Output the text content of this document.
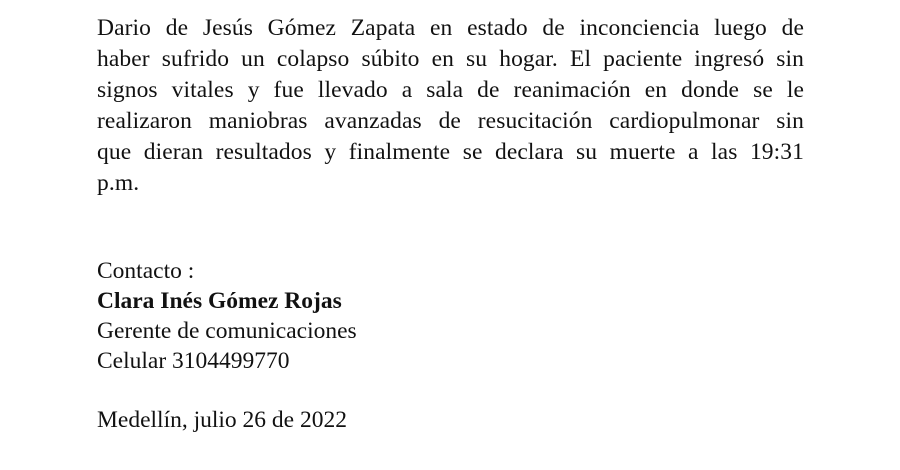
Dario de Jesús Gómez Zapata en estado de inconciencia luego de
haber sufrido un colapso súbito en su hogar. El paciente ingresó sin
signos vitales y fue llevado a sala de reanimación en donde se le
realizaron maniobras avanzadas de resucitación cardiopulmonar sin
que dieran resultados y finalmente se declara su muerte a las 19:31
p.m.
Contacto :
Clara Inés Gómez Rojas
Gerente de comunicaciones
Celular 3104499770
Medellín, julio 26 de 2022
